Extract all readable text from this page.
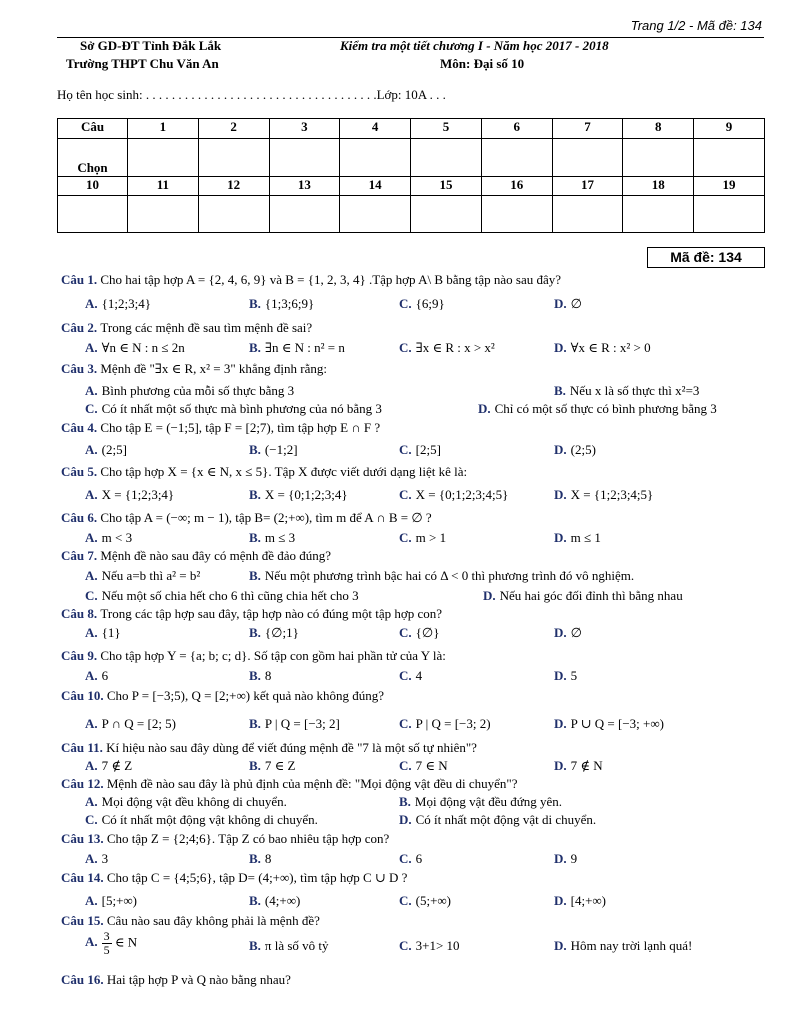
Trang 1/2 - Mã đề: 134
Sở GD-ĐT Tỉnh Đắk Lắk
Trường THPT Chu Văn An
Kiểm tra một tiết chương I - Năm học 2017 - 2018
Môn: Đại số 10
Họ tên học sinh: . . . . . . . . . . . . . . . . . . . . . . . . . . . . . . . . . . . .Lớp: 10A . . .
Câu	1	2	3	4	5	6	7	8	9
Chọn									
10	11	12	13	14	15	16	17	18	19

Mã đề: 134
Câu 1. Cho hai tập hợp A = {2, 4, 6, 9} và B = {1, 2, 3, 4} .Tập hợp A\ B bằng tập nào sau đây?
A. {1;2;3;4}	B. {1;3;6;9}	C. {6;9}	D. ∅
Câu 2. Trong các mệnh đề sau tìm mệnh đề sai?
A. ∀n ∈ N : n ≤ 2n	B. ∃n ∈ N : n² = n	C. ∃x ∈ R : x > x²	D. ∀x ∈ R : x² > 0
Câu 3. Mệnh đề "∃x ∈ R, x² = 3" khẳng định rằng:
A. Bình phương của mỗi số thực bằng 3	B. Nếu x là số thực thì x²=3
C. Có ít nhất một số thực mà bình phương của nó bằng 3	D. Chỉ có một số thực có bình phương bằng 3
Câu 4. Cho tập E = (−1;5], tập F = [2;7), tìm tập hợp E ∩ F ?
A. (2;5]	B. (−1;2]	C. [2;5]	D. (2;5)
Câu 5. Cho tập hợp X = {x ∈ N, x ≤ 5}. Tập X được viết dưới dạng liệt kê là:
A. X = {1;2;3;4}	B. X = {0;1;2;3;4}	C. X = {0;1;2;3;4;5}	D. X = {1;2;3;4;5}
Câu 6. Cho tập A = (−∞; m − 1), tập B= (2;+∞), tìm m để A ∩ B = ∅ ?
A. m < 3	B. m ≤ 3	C. m > 1	D. m ≤ 1
Câu 7. Mệnh đề nào sau đây có mệnh đề đảo đúng?
A. Nếu a=b thì a² = b²	B. Nếu một phương trình bậc hai có Δ < 0 thì phương trình đó vô nghiệm.
C. Nếu một số chia hết cho 6 thì cũng chia hết cho 3	D. Nếu hai góc đối đỉnh thì bằng nhau
Câu 8. Trong các tập hợp sau đây, tập hợp nào có đúng một tập hợp con?
A. {1}	B. {∅;1}	C. {∅}	D. ∅
Câu 9. Cho tập hợp Y = {a; b; c; d}. Số tập con gồm hai phần tử của Y là:
A. 6	B. 8	C. 4	D. 5
Câu 10. Cho P = [−3;5), Q = [2;+∞) kết quả nào không đúng?
A. P ∩ Q = [2; 5)	B. P | Q = [−3; 2]	C. P | Q = [−3; 2)	D. P ∪ Q = [−3; +∞)
Câu 11. Kí hiệu nào sau đây dùng để viết đúng mệnh đề "7 là một số tự nhiên"?
A. 7 ∉ Z	B. 7 ∈ Z	C. 7 ∈ N	D. 7 ∉ N
Câu 12. Mệnh đề nào sau đây là phủ định của mệnh đề: "Mọi động vật đều di chuyển"?
A. Mọi động vật đều không di chuyển.	B. Mọi động vật đều đứng yên.
C. Có ít nhất một động vật không di chuyển.	D. Có ít nhất một động vật di chuyển.
Câu 13. Cho tập Z = {2;4;6}. Tập Z có bao nhiêu tập hợp con?
A. 3	B. 8	C. 6	D. 9
Câu 14. Cho tập C = {4;5;6}, tập D= (4;+∞), tìm tập hợp C ∪ D ?
A. [5;+∞)	B. (4;+∞)	C. (5;+∞)	D. [4;+∞)
Câu 15. Câu nào sau đây không phải là mệnh đề?
A. $\frac{3}{5}$ ∈ N	B. π là số vô tỷ	C. 3+1> 10	D. Hôm nay trời lạnh quá!
Câu 16. Hai tập hợp P và Q nào bằng nhau?
